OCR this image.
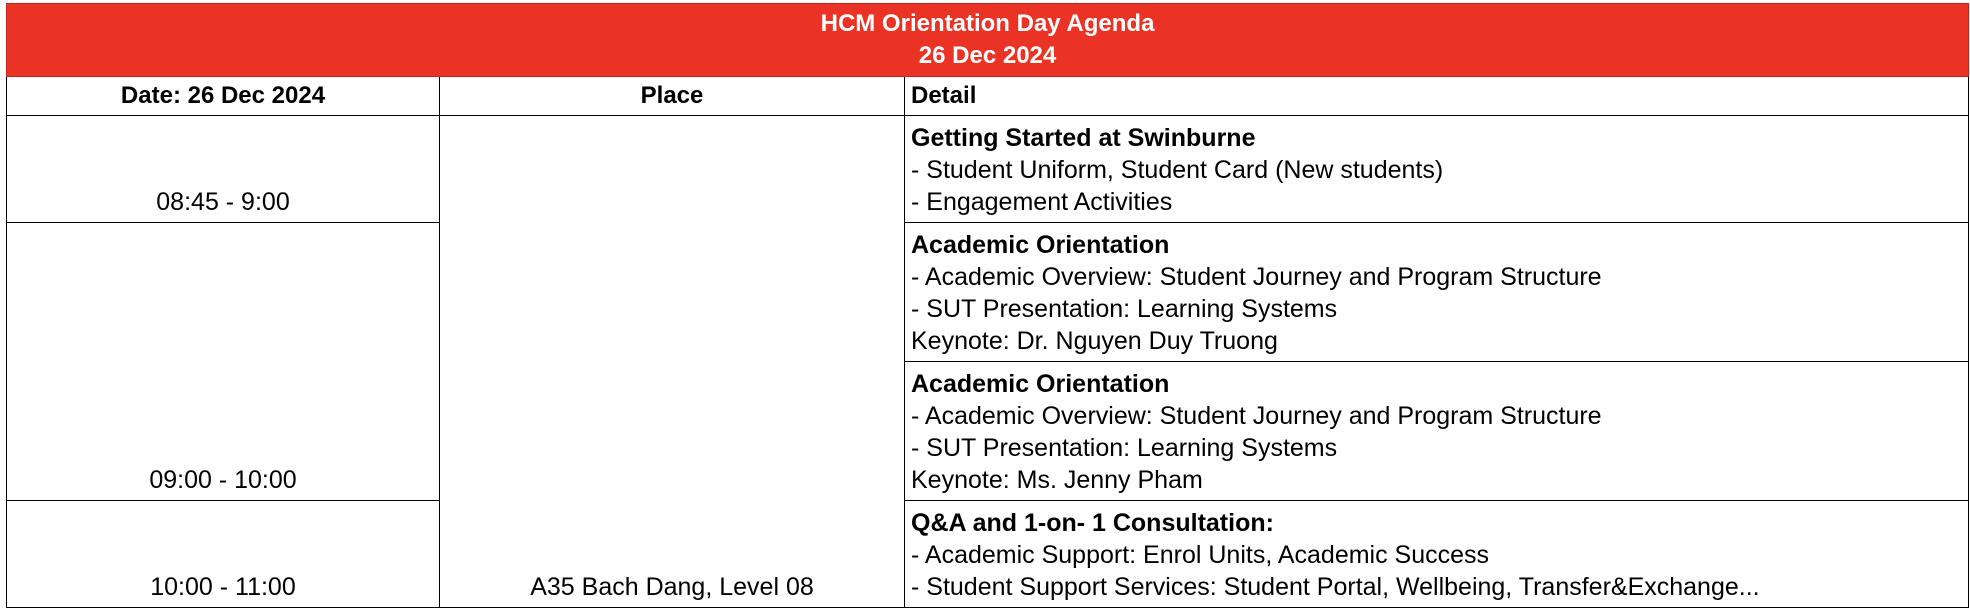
HCM Orientation Day Agenda
26 Dec 2024		

Date: 26 Dec 2024	Place	Detail
08:45 - 9:00	A35 Bach Dang, Level 08	Getting Started at Swinburne
- Student Uniform, Student Card (New students)
- Engagement Activities

09:00 - 10:00		Academic Orientation
- Academic Overview: Student Journey and Program Structure
- SUT Presentation: Learning Systems
Keynote: Dr. Nguyen Duy Truong

		Academic Orientation
- Academic Overview: Student Journey and Program Structure
- SUT Presentation: Learning Systems
Keynote: Ms. Jenny Pham

10:00 - 11:00		Q&A and 1-on- 1 Consultation:
- Academic Support: Enrol Units, Academic Success
- Student Support Services: Student Portal, Wellbeing, Transfer&Exchange...
